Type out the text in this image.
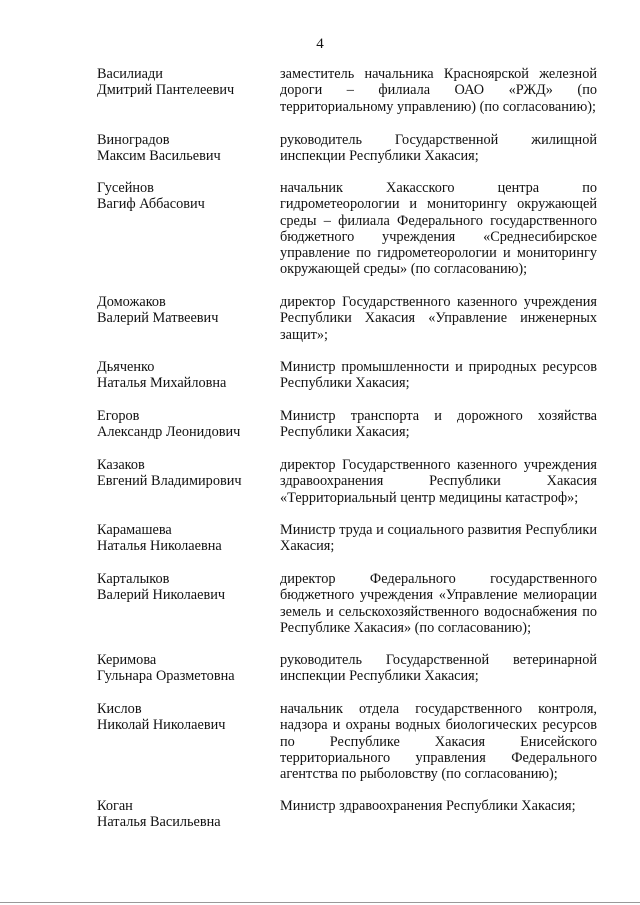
4
Василиади
Дмитрий Пантелеевич
заместитель начальника Красноярской железной
дороги – филиала ОАО «РЖД» (по
территориальному управлению) (по согласованию);
Виноградов
Максим Васильевич
руководитель Государственной жилищной
инспекции Республики Хакасия;
Гусейнов
Вагиф Аббасович
начальник Хакасского центра по
гидрометеорологии и мониторингу окружающей
среды – филиала Федерального государственного
бюджетного учреждения «Среднесибирское
управление по гидрометеорологии и мониторингу
окружающей среды» (по согласованию);
Доможаков
Валерий Матвеевич
директор Государственного казенного учреждения
Республики Хакасия «Управление инженерных
защит»;
Дьяченко
Наталья Михайловна
Министр промышленности и природных ресурсов
Республики Хакасия;
Егоров
Александр Леонидович
Министр транспорта и дорожного хозяйства
Республики Хакасия;
Казаков
Евгений Владимирович
директор Государственного казенного учреждения
здравоохранения Республики Хакасия
«Территориальный центр медицины катастроф»;
Карамашева
Наталья Николаевна
Министр труда и социального развития Республики
Хакасия;
Карталыков
Валерий Николаевич
директор Федерального государственного
бюджетного учреждения «Управление мелиорации
земель и сельскохозяйственного водоснабжения по
Республике Хакасия» (по согласованию);
Керимова
Гульнара Оразметовна
руководитель Государственной ветеринарной
инспекции Республики Хакасия;
Кислов
Николай Николаевич
начальник отдела государственного контроля,
надзора и охраны водных биологических ресурсов
по Республике Хакасия Енисейского
территориального управления Федерального
агентства по рыболовству (по согласованию);
Коган
Наталья Васильевна
Министр здравоохранения Республики Хакасия;
